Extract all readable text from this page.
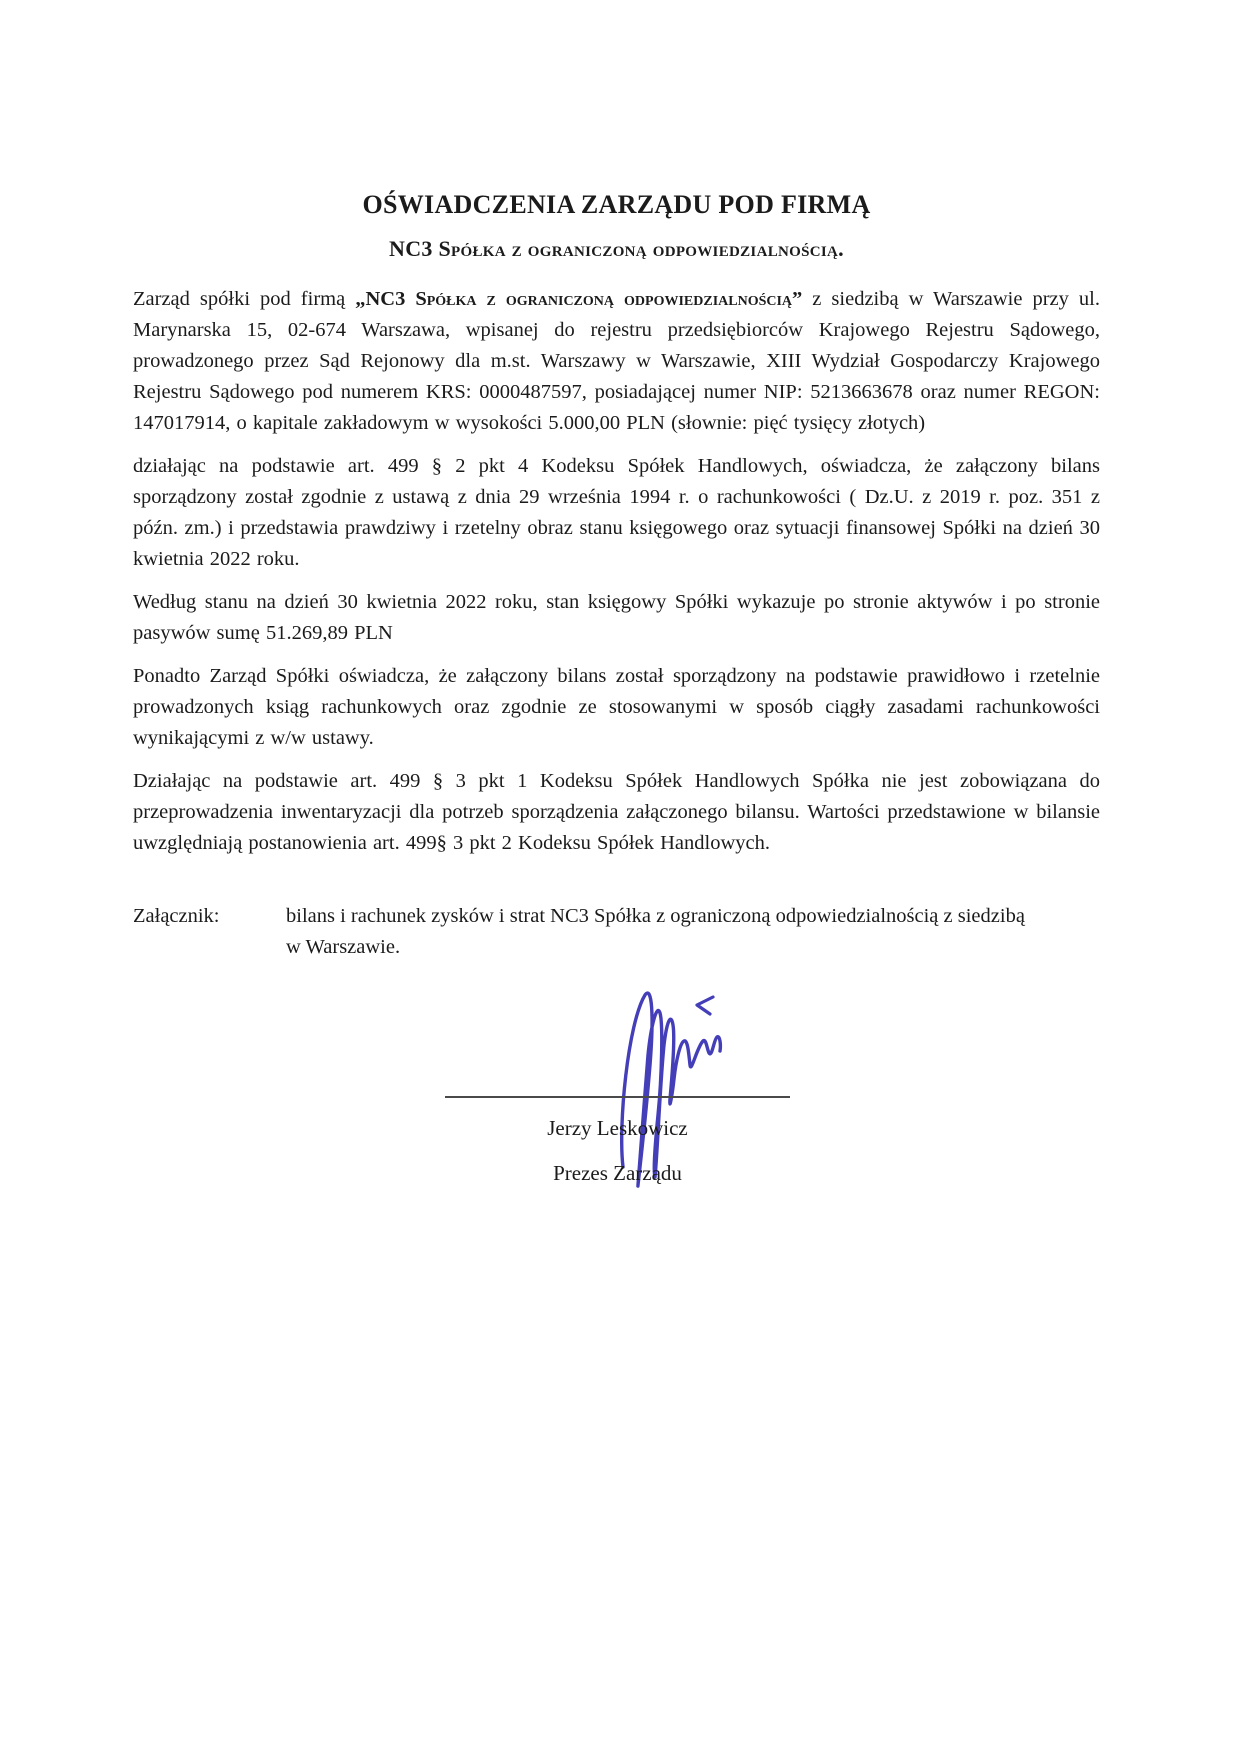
OŚWIADCZENIA ZARZĄDU POD FIRMĄ
NC3 Spółka z ograniczoną odpowiedzialnością.

Zarząd spółki pod firmą „NC3 Spółka z ograniczoną odpowiedzialnością” z siedzibą w Warszawie przy ul. Marynarska 15, 02-674 Warszawa, wpisanej do rejestru przedsiębiorców Krajowego Rejestru Sądowego, prowadzonego przez Sąd Rejonowy dla m.st. Warszawy w Warszawie, XIII Wydział Gospodarczy Krajowego Rejestru Sądowego pod numerem KRS: 0000487597, posiadającej numer NIP: 5213663678 oraz numer REGON: 147017914, o kapitale zakładowym w wysokości 5.000,00 PLN (słownie: pięć tysięcy złotych)

działając na podstawie art. 499 § 2 pkt 4 Kodeksu Spółek Handlowych, oświadcza, że załączony bilans sporządzony został zgodnie z ustawą z dnia 29 września 1994 r. o rachunkowości ( Dz.U. z 2019 r. poz. 351 z późn. zm.) i przedstawia prawdziwy i rzetelny obraz stanu księgowego oraz sytuacji finansowej Spółki na dzień 30 kwietnia 2022 roku.

Według stanu na dzień 30 kwietnia 2022 roku, stan księgowy Spółki wykazuje po stronie aktywów i po stronie pasywów sumę 51.269,89 PLN

Ponadto Zarząd Spółki oświadcza, że załączony bilans został sporządzony na podstawie prawidłowo i rzetelnie prowadzonych ksiąg rachunkowych oraz zgodnie ze stosowanymi w sposób ciągły zasadami rachunkowości wynikającymi z w/w ustawy.

Działając na podstawie art. 499 § 3 pkt 1 Kodeksu Spółek Handlowych Spółka nie jest zobowiązana do przeprowadzenia inwentaryzacji dla potrzeb sporządzenia załączonego bilansu. Wartości przedstawione w bilansie uwzględniają postanowienia art. 499§ 3 pkt 2 Kodeksu Spółek Handlowych.

Załącznik:	bilans i rachunek zysków i strat NC3 Spółka z ograniczoną odpowiedzialnością z siedzibą
w Warszawie.
Jerzy Leskowicz
Prezes Zarządu
